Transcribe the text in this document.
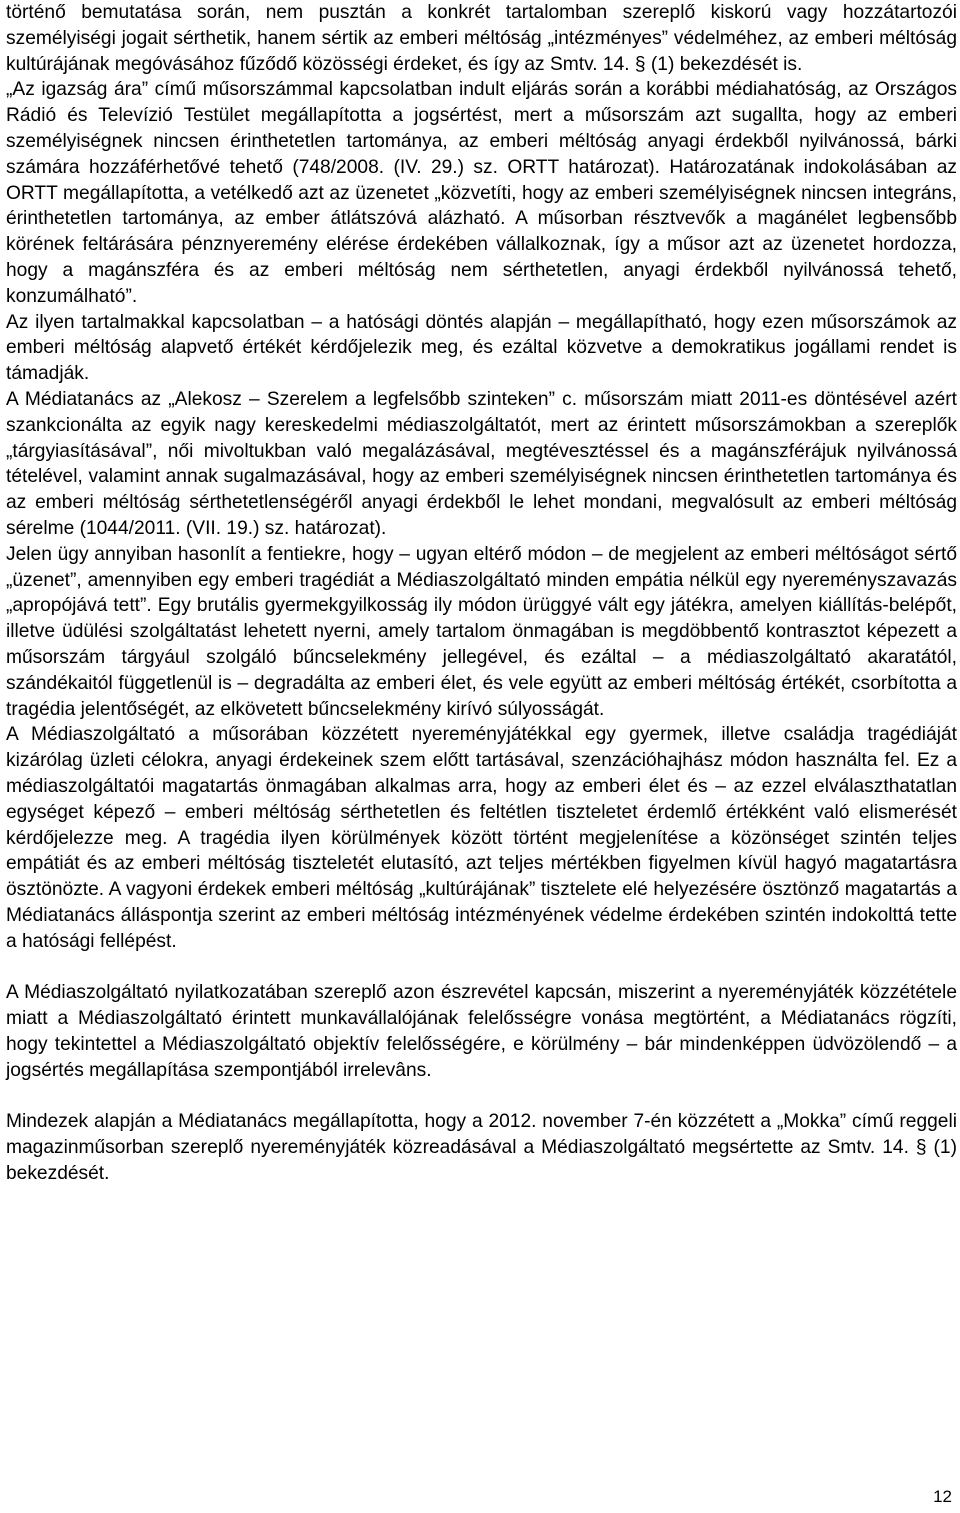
történő bemutatása során, nem pusztán a konkrét tartalomban szereplő kiskorú vagy hozzátartozói személyiségi jogait sérthetik, hanem sértik az emberi méltóság „intézményes” védelméhez, az emberi méltóság kultúrájának megóvásához fűződő közösségi érdeket, és így az Smtv. 14. § (1) bekezdését is.

„Az igazság ára” című műsorszámmal kapcsolatban indult eljárás során a korábbi médiahatóság, az Országos Rádió és Televízió Testület megállapította a jogsértést, mert a műsorszám azt sugallta, hogy az emberi személyiségnek nincsen érinthetetlen tartománya, az emberi méltóság anyagi érdekből nyilvánossá, bárki számára hozzáférhetővé tehető (748/2008. (IV. 29.) sz. ORTT határozat). Határozatának indokolásában az ORTT megállapította, a vetélkedő azt az üzenetet „közvetíti, hogy az emberi személyiségnek nincsen integráns, érinthetetlen tartománya, az ember átlátszóvá alázható. A műsorban résztvevők a magánélet legbensőbb körének feltárására pénznyeremény elérése érdekében vállalkoznak, így a műsor azt az üzenetet hordozza, hogy a magánszféra és az emberi méltóság nem sérthetetlen, anyagi érdekből nyilvánossá tehető, konzumálható”.

Az ilyen tartalmakkal kapcsolatban – a hatósági döntés alapján – megállapítható, hogy ezen műsorszámok az emberi méltóság alapvető értékét kérdőjelezik meg, és ezáltal közvetve a demokratikus jogállami rendet is támadják.

A Médiatanács az „Alekosz – Szerelem a legfelsőbb szinteken” c. műsorszám miatt 2011-es döntésével azért szankcionálta az egyik nagy kereskedelmi médiaszolgáltatót, mert az érintett műsorszámokban a szereplők „tárgyiasításával”, női mivoltukban való megalázásával, megtévesztéssel és a magánszférájuk nyilvánossá tételével, valamint annak sugalmazásával, hogy az emberi személyiségnek nincsen érinthetetlen tartománya és az emberi méltóság sérthetetlenségéről anyagi érdekből le lehet mondani, megvalósult az emberi méltóság sérelme (1044/2011. (VII. 19.) sz. határozat).

Jelen ügy annyiban hasonlít a fentiekre, hogy – ugyan eltérő módon – de megjelent az emberi méltóságot sértő „üzenet”, amennyiben egy emberi tragédiát a Médiaszolgáltató minden empátia nélkül egy nyereményszavazás „apropójává tett”. Egy brutális gyermekgyilkosság ily módon ürüggyé vált egy játékra, amelyen kiállítás-belépőt, illetve üdülési szolgáltatást lehetett nyerni, amely tartalom önmagában is megdöbbentő kontrasztot képezett a műsorszám tárgyául szolgáló bűncselekmény jellegével, és ezáltal – a médiaszolgáltató akaratától, szándékaitól függetlenül is – degradálta az emberi élet, és vele együtt az emberi méltóság értékét, csorbította a tragédia jelentőségét, az elkövetett bűncselekmény kirívó súlyosságát.

A Médiaszolgáltató a műsorában közzétett nyereményjátékkal egy gyermek, illetve családja tragédiáját kizárólag üzleti célokra, anyagi érdekeinek szem előtt tartásával, szenzációhajhász módon használta fel. Ez a médiaszolgáltatói magatartás önmagában alkalmas arra, hogy az emberi élet és – az ezzel elválaszthatatlan egységet képező – emberi méltóság sérthetetlen és feltétlen tiszteletet érdemlő értékként való elismerését kérdőjelezze meg. A tragédia ilyen körülmények között történt megjelenítése a közönséget szintén teljes empátiát és az emberi méltóság tiszteletét elutasító, azt teljes mértékben figyelmen kívül hagyó magatartásra ösztönözte. A vagyoni érdekek emberi méltóság „kultúrájának” tisztelete elé helyezésére ösztönző magatartás a Médiatanács álláspontja szerint az emberi méltóság intézményének védelme érdekében szintén indokolttá tette a hatósági fellépést.

A Médiaszolgáltató nyilatkozatában szereplő azon észrevétel kapcsán, miszerint a nyereményjáték közzététele miatt a Médiaszolgáltató érintett munkavállalójának felelősségre vonása megtörtént, a Médiatanács rögzíti, hogy tekintettel a Médiaszolgáltató objektív felelősségére, e körülmény – bár mindenképpen üdvözölendő – a jogsértés megállapítása szempontjából irrelevâns.

Mindezek alapján a Médiatanács megállapította, hogy a 2012. november 7-én közzétett a „Mokka” című reggeli magazinműsorban szereplő nyereményjáték közreadásával a Médiaszolgáltató megsértette az Smtv. 14. § (1) bekezdését.

12
